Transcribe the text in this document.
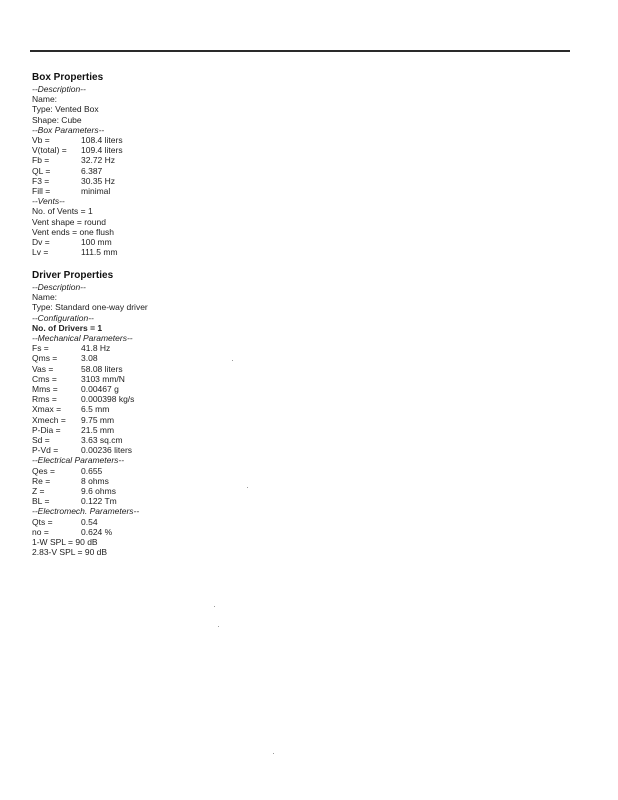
Box Properties
--Description--
Name:
Type: Vented Box
Shape: Cube
--Box Parameters--
Vb =	108.4 liters
V(total) = 109.4 liters
Fb =	32.72 Hz
QL =	6.387
F3 =	30.35 Hz
Fill =	minimal
--Vents--
No. of Vents = 1
Vent shape = round
Vent ends = one flush
Dv =	100 mm
Lv =	111.5 mm
Driver Properties
--Description--
Name:
Type: Standard one-way driver
--Configuration--
No. of Drivers = 1
--Mechanical Parameters--
Fs =	41.8 Hz
Qms =	3.08
Vas =	58.08 liters
Cms =	3103 mm/N
Mms =	0.00467 g
Rms =	0.000398 kg/s
Xmax = 6.5 mm
Xmech = 9.75 mm
P-Dia = 21.5 mm
Sd =	3.63 sq.cm
P-Vd =	0.00236 liters
--Electrical Parameters--
Qes =	0.655
Re =	8 ohms
Z =	9.6 ohms
BL =	0.122 Tm
--Electromech. Parameters--
Qts =	0.54
no =	0.624 %
1-W SPL = 90 dB
2.83-V SPL = 90 dB
